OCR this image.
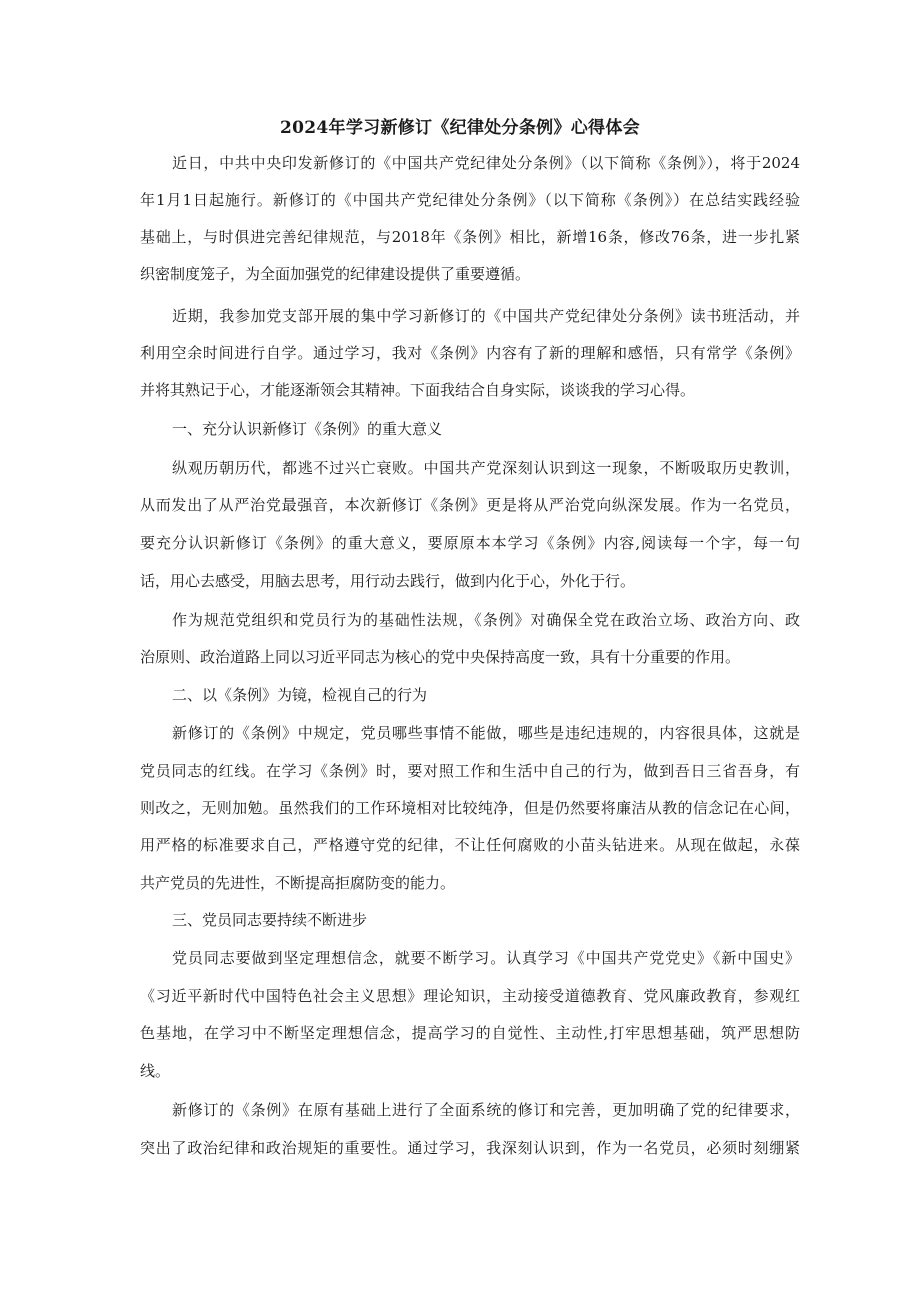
2024年学习新修订《纪律处分条例》心得体会
近日，中共中央印发新修订的《中国共产党纪律处分条例》（以下简称《条例》），将于2024
年1月1日起施行。新修订的《中国共产党纪律处分条例》（以下简称《条例》）在总结实践经验
基础上，与时俱进完善纪律规范，与2018年《条例》相比，新增16条，修改76条，进一步扎紧
织密制度笼子，为全面加强党的纪律建设提供了重要遵循。
近期，我参加党支部开展的集中学习新修订的《中国共产党纪律处分条例》读书班活动，并
利用空余时间进行自学。通过学习，我对《条例》内容有了新的理解和感悟，只有常学《条例》
并将其熟记于心，才能逐渐领会其精神。下面我结合自身实际，谈谈我的学习心得。
一、充分认识新修订《条例》的重大意义
纵观历朝历代，都逃不过兴亡衰败。中国共产党深刻认识到这一现象，不断吸取历史教训，
从而发出了从严治党最强音，本次新修订《条例》更是将从严治党向纵深发展。作为一名党员，
要充分认识新修订《条例》的重大意义，要原原本本学习《条例》内容,阅读每一个字，每一句
话，用心去感受，用脑去思考，用行动去践行，做到内化于心，外化于行。
作为规范党组织和党员行为的基础性法规，《条例》对确保全党在政治立场、政治方向、政
治原则、政治道路上同以习近平同志为核心的党中央保持高度一致，具有十分重要的作用。
二、以《条例》为镜，检视自己的行为
新修订的《条例》中规定，党员哪些事情不能做，哪些是违纪违规的，内容很具体，这就是
党员同志的红线。在学习《条例》时，要对照工作和生活中自己的行为，做到吾日三省吾身，有
则改之，无则加勉。虽然我们的工作环境相对比较纯净，但是仍然要将廉洁从教的信念记在心间，
用严格的标准要求自己，严格遵守党的纪律，不让任何腐败的小苗头钻进来。从现在做起，永葆
共产党员的先进性，不断提高拒腐防变的能力。
三、党员同志要持续不断进步
党员同志要做到坚定理想信念，就要不断学习。认真学习《中国共产党党史》《新中国史》
《习近平新时代中国特色社会主义思想》理论知识，主动接受道德教育、党风廉政教育，参观红
色基地，在学习中不断坚定理想信念，提高学习的自觉性、主动性,打牢思想基础，筑严思想防
线。
新修订的《条例》在原有基础上进行了全面系统的修订和完善，更加明确了党的纪律要求，
突出了政治纪律和政治规矩的重要性。通过学习，我深刻认识到，作为一名党员，必须时刻绷紧
